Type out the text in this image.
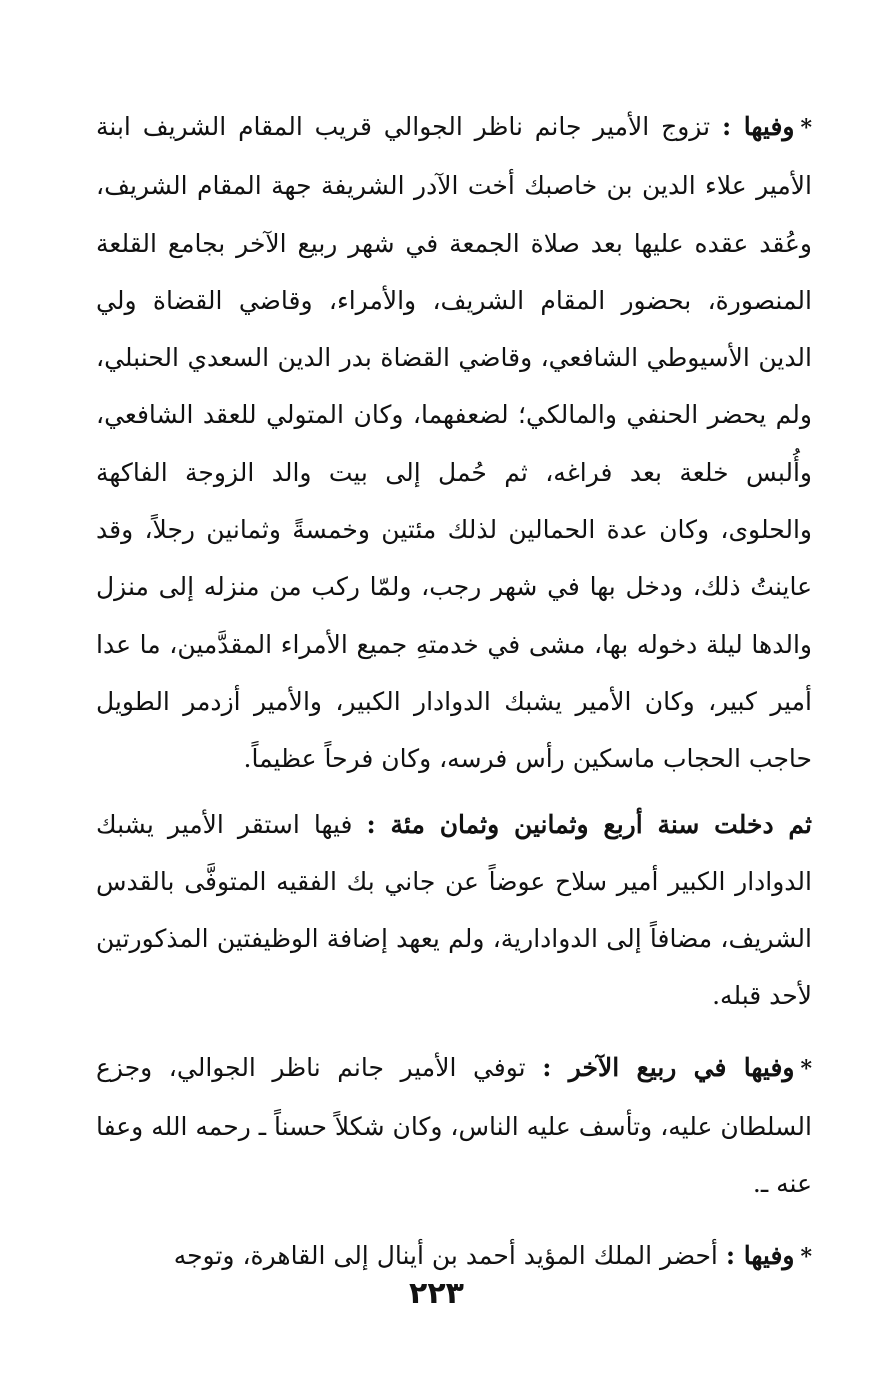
*وفيها : تزوج الأمير جانم ناظر الجوالي قريب المقام الشريف ابنة الأمير علاء الدين بن خاصبك أخت الآدر الشريفة جهة المقام الشريف، وعُقد عقده عليها بعد صلاة الجمعة في شهر ربيع الآخر بجامع القلعة المنصورة، بحضور المقام الشريف، والأمراء، وقاضي القضاة ولي الدين الأسيوطي الشافعي، وقاضي القضاة بدر الدين السعدي الحنبلي، ولم يحضر الحنفي والمالكي؛ لضعفهما، وكان المتولي للعقد الشافعي، وأُلبس خلعة بعد فراغه، ثم حُمل إلى بيت والد الزوجة الفاكهة والحلوى، وكان عدة الحمالين لذلك مئتين وخمسةً وثمانين رجلاً، وقد عاينتُ ذلك، ودخل بها في شهر رجب، ولمّا ركب من منزله إلى منزل والدها ليلة دخوله بها، مشى في خدمتهِ جميع الأمراء المقدَّمين، ما عدا أمير كبير، وكان الأمير يشبك الدوادار الكبير، والأمير أزدمر الطويل حاجب الحجاب ماسكين رأس فرسه، وكان فرحاً عظيماً.

ثم دخلت سنة أربع وثمانين وثمان مئة : فيها استقر الأمير يشبك الدوادار الكبير أمير سلاح عوضاً عن جاني بك الفقيه المتوفَّى بالقدس الشريف، مضافاً إلى الدوادارية، ولم يعهد إضافة الوظيفتين المذكورتين لأحد قبله.

*وفيها في ربيع الآخر : توفي الأمير جانم ناظر الجوالي، وجزع السلطان عليه، وتأسف عليه الناس، وكان شكلاً حسناً ـ رحمه الله وعفا عنه ـ.

*وفيها : أحضر الملك المؤيد أحمد بن أينال إلى القاهرة، وتوجه

٢٢٣
